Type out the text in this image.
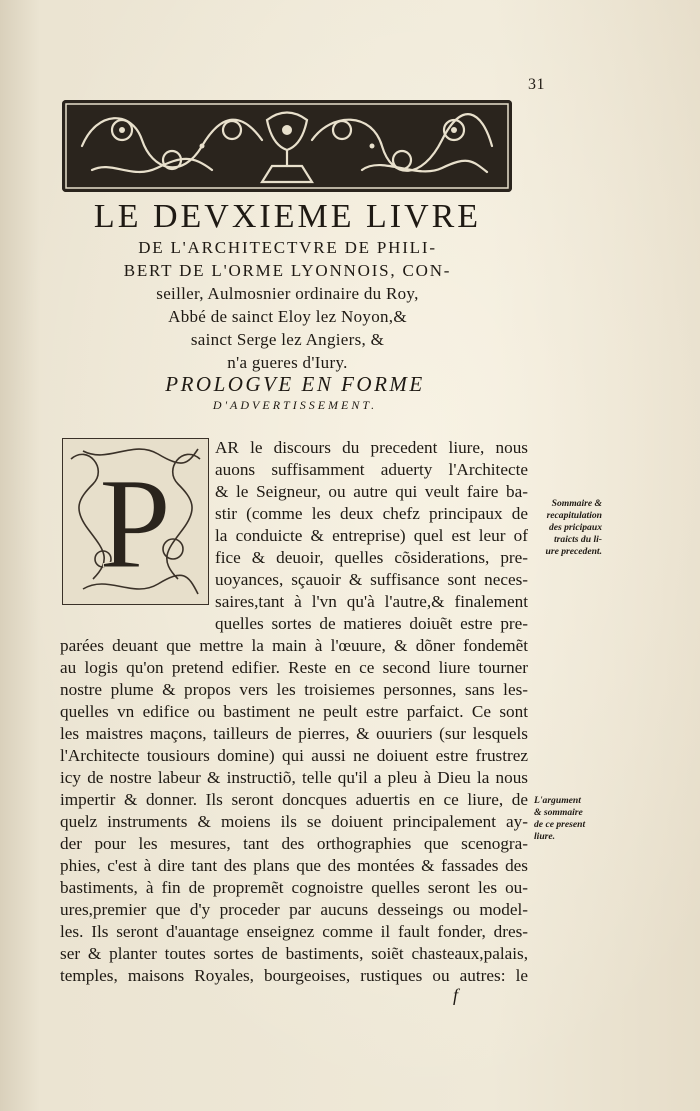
31
LE DEVXIEME LIVRE

DE L'ARCHITECTVRE DE PHILI-

BERT DE L'ORME LYONNOIS, CON-

seiller, Aulmosnier ordinaire du Roy,

Abbé de sainct Eloy lez Noyon,&

sainct Serge lez Angiers, &

n'a gueres d'Iury.

PROLOGVE EN FORME
D'ADVERTISSEMENT.
P
AR le discours du precedent liure, nous
auons suffisamment aduerty l'Architecte
& le Seigneur, ou autre qui veult faire ba-
stir (comme les deux chefz principaux de
la conduicte & entreprise) quel est leur of
fice & deuoir, quelles cõsiderations, pre-
uoyances, sçauoir & suffisance sont neces-
saires,tant à l'vn qu'à l'autre,& finalement
quelles sortes de matieres doiuẽt estre pre-
parées deuant que mettre la main à l'œuure, & dõner fondemẽt
au logis qu'on pretend edifier. Reste en ce second liure tourner
nostre plume & propos vers les troisiemes personnes, sans les-
quelles vn edifice ou bastiment ne peult estre parfaict. Ce sont
les maistres maçons, tailleurs de pierres, & ouuriers (sur lesquels
l'Architecte tousiours domine) qui aussi ne doiuent estre frustrez
icy de nostre labeur & instructiõ, telle qu'il a pleu à Dieu la nous
impertir & donner. Ils seront doncques aduertis en ce liure, de
quelz instruments & moiens ils se doiuent principalement ay-
der pour les mesures, tant des orthographies que scenogra-
phies, c'est à dire tant des plans que des montées & fassades des
bastiments, à fin de propremẽt cognoistre quelles seront les ou-
ures,premier que d'y proceder par aucuns desseings ou model-
les. Ils seront d'auantage enseignez comme il fault fonder, dres-
ser & planter toutes sortes de bastiments, soiẽt chasteaux,palais,
temples, maisons Royales, bourgeoises, rustiques ou autres: le
Sommaire &
recapitulation
des pricipaux
traicts du li-
ure precedent.
L'argument
& sommaire
de ce present
liure.
f
